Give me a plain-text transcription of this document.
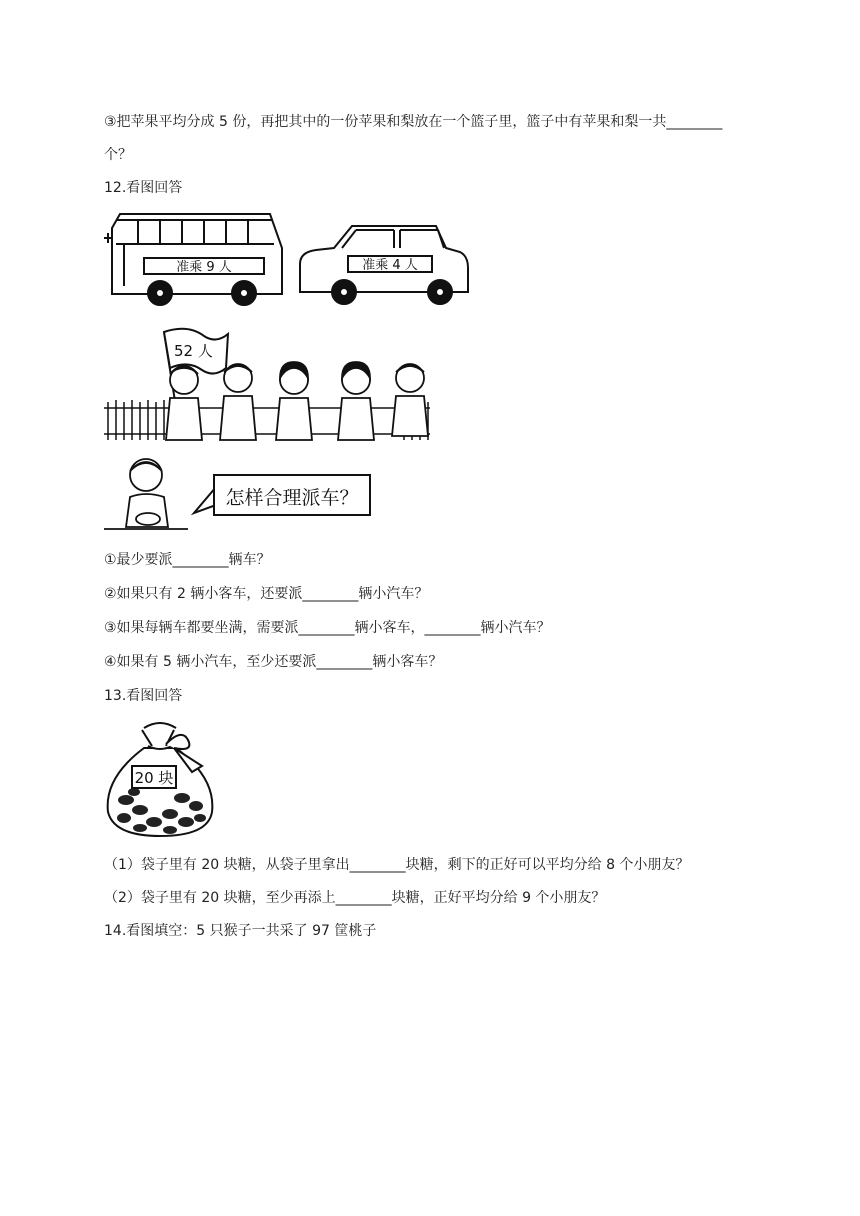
③把苹果平均分成 5 份，再把其中的一份苹果和梨放在一个篮子里，篮子中有苹果和梨一共________
个？
12.看图回答
准乘 9 人	准乘 4 人
52 人
怎样合理派车？
①最少要派________辆车？
②如果只有 2 辆小客车，还要派________辆小汽车？
③如果每辆车都要坐满，需要派________辆小客车，________辆小汽车？
④如果有 5 辆小汽车，至少还要派________辆小客车？
13.看图回答
20 块
（1）袋子里有 20 块糖，从袋子里拿出________块糖，剩下的正好可以平均分给 8 个小朋友？
（2）袋子里有 20 块糖，至少再添上________块糖，正好平均分给 9 个小朋友？
14.看图填空：5 只猴子一共采了 97 筐桃子
